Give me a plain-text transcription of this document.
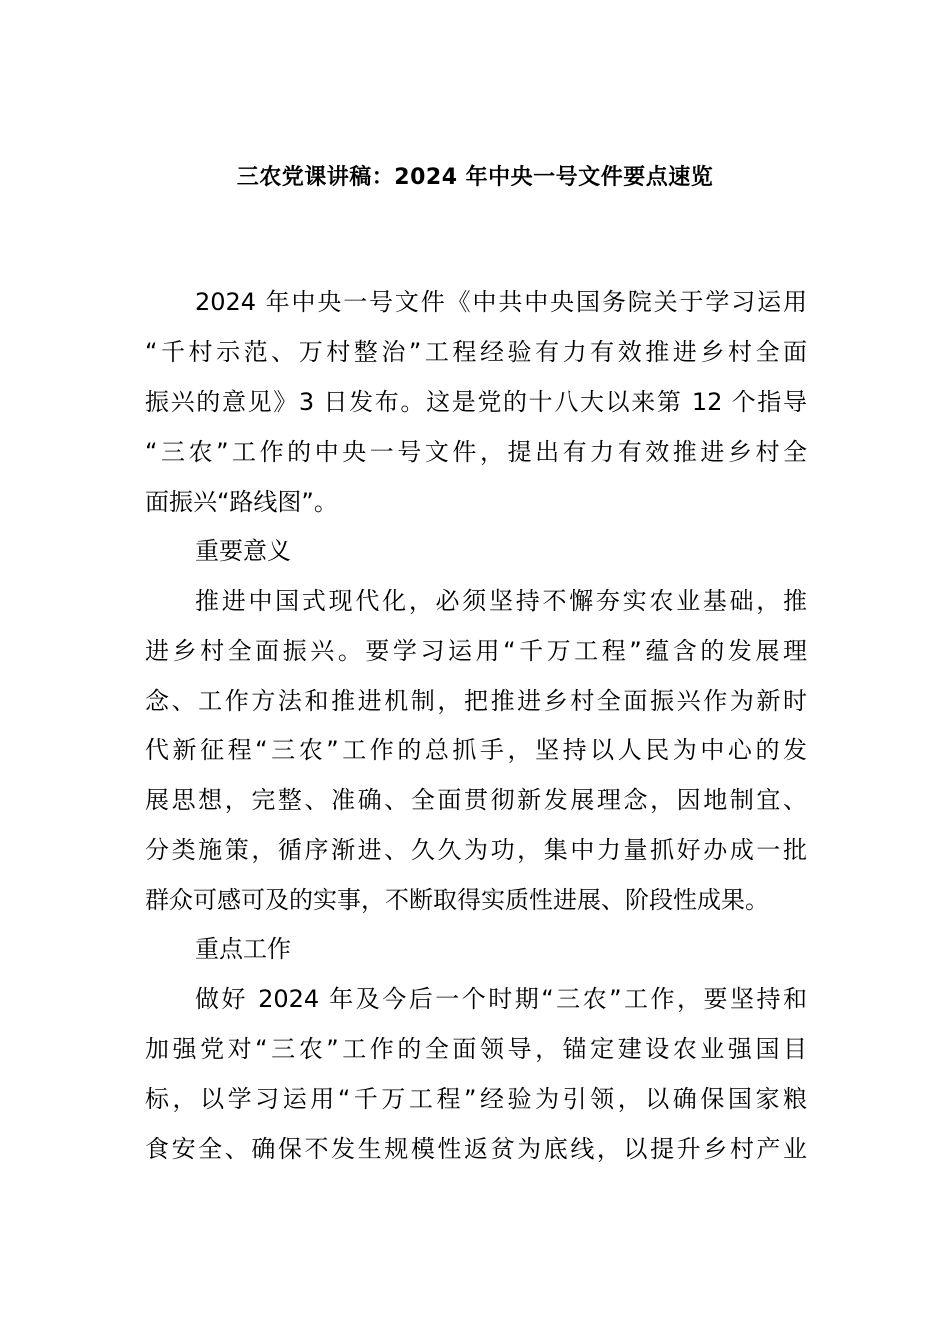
三农党课讲稿：2024 年中央一号文件要点速览
2024 年中央一号文件《中共中央国务院关于学习运用
“千村示范、万村整治”工程经验有力有效推进乡村全面
振兴的意见》3 日发布。这是党的十八大以来第 12 个指导
“三农”工作的中央一号文件，提出有力有效推进乡村全
面振兴“路线图”。
重要意义
推进中国式现代化，必须坚持不懈夯实农业基础，推
进乡村全面振兴。要学习运用“千万工程”蕴含的发展理
念、工作方法和推进机制，把推进乡村全面振兴作为新时
代新征程“三农”工作的总抓手，坚持以人民为中心的发
展思想，完整、准确、全面贯彻新发展理念，因地制宜、
分类施策，循序渐进、久久为功，集中力量抓好办成一批
群众可感可及的实事，不断取得实质性进展、阶段性成果。
重点工作
做好 2024 年及今后一个时期“三农”工作，要坚持和
加强党对“三农”工作的全面领导，锚定建设农业强国目
标，以学习运用“千万工程”经验为引领，以确保国家粮
食安全、确保不发生规模性返贫为底线，以提升乡村产业
